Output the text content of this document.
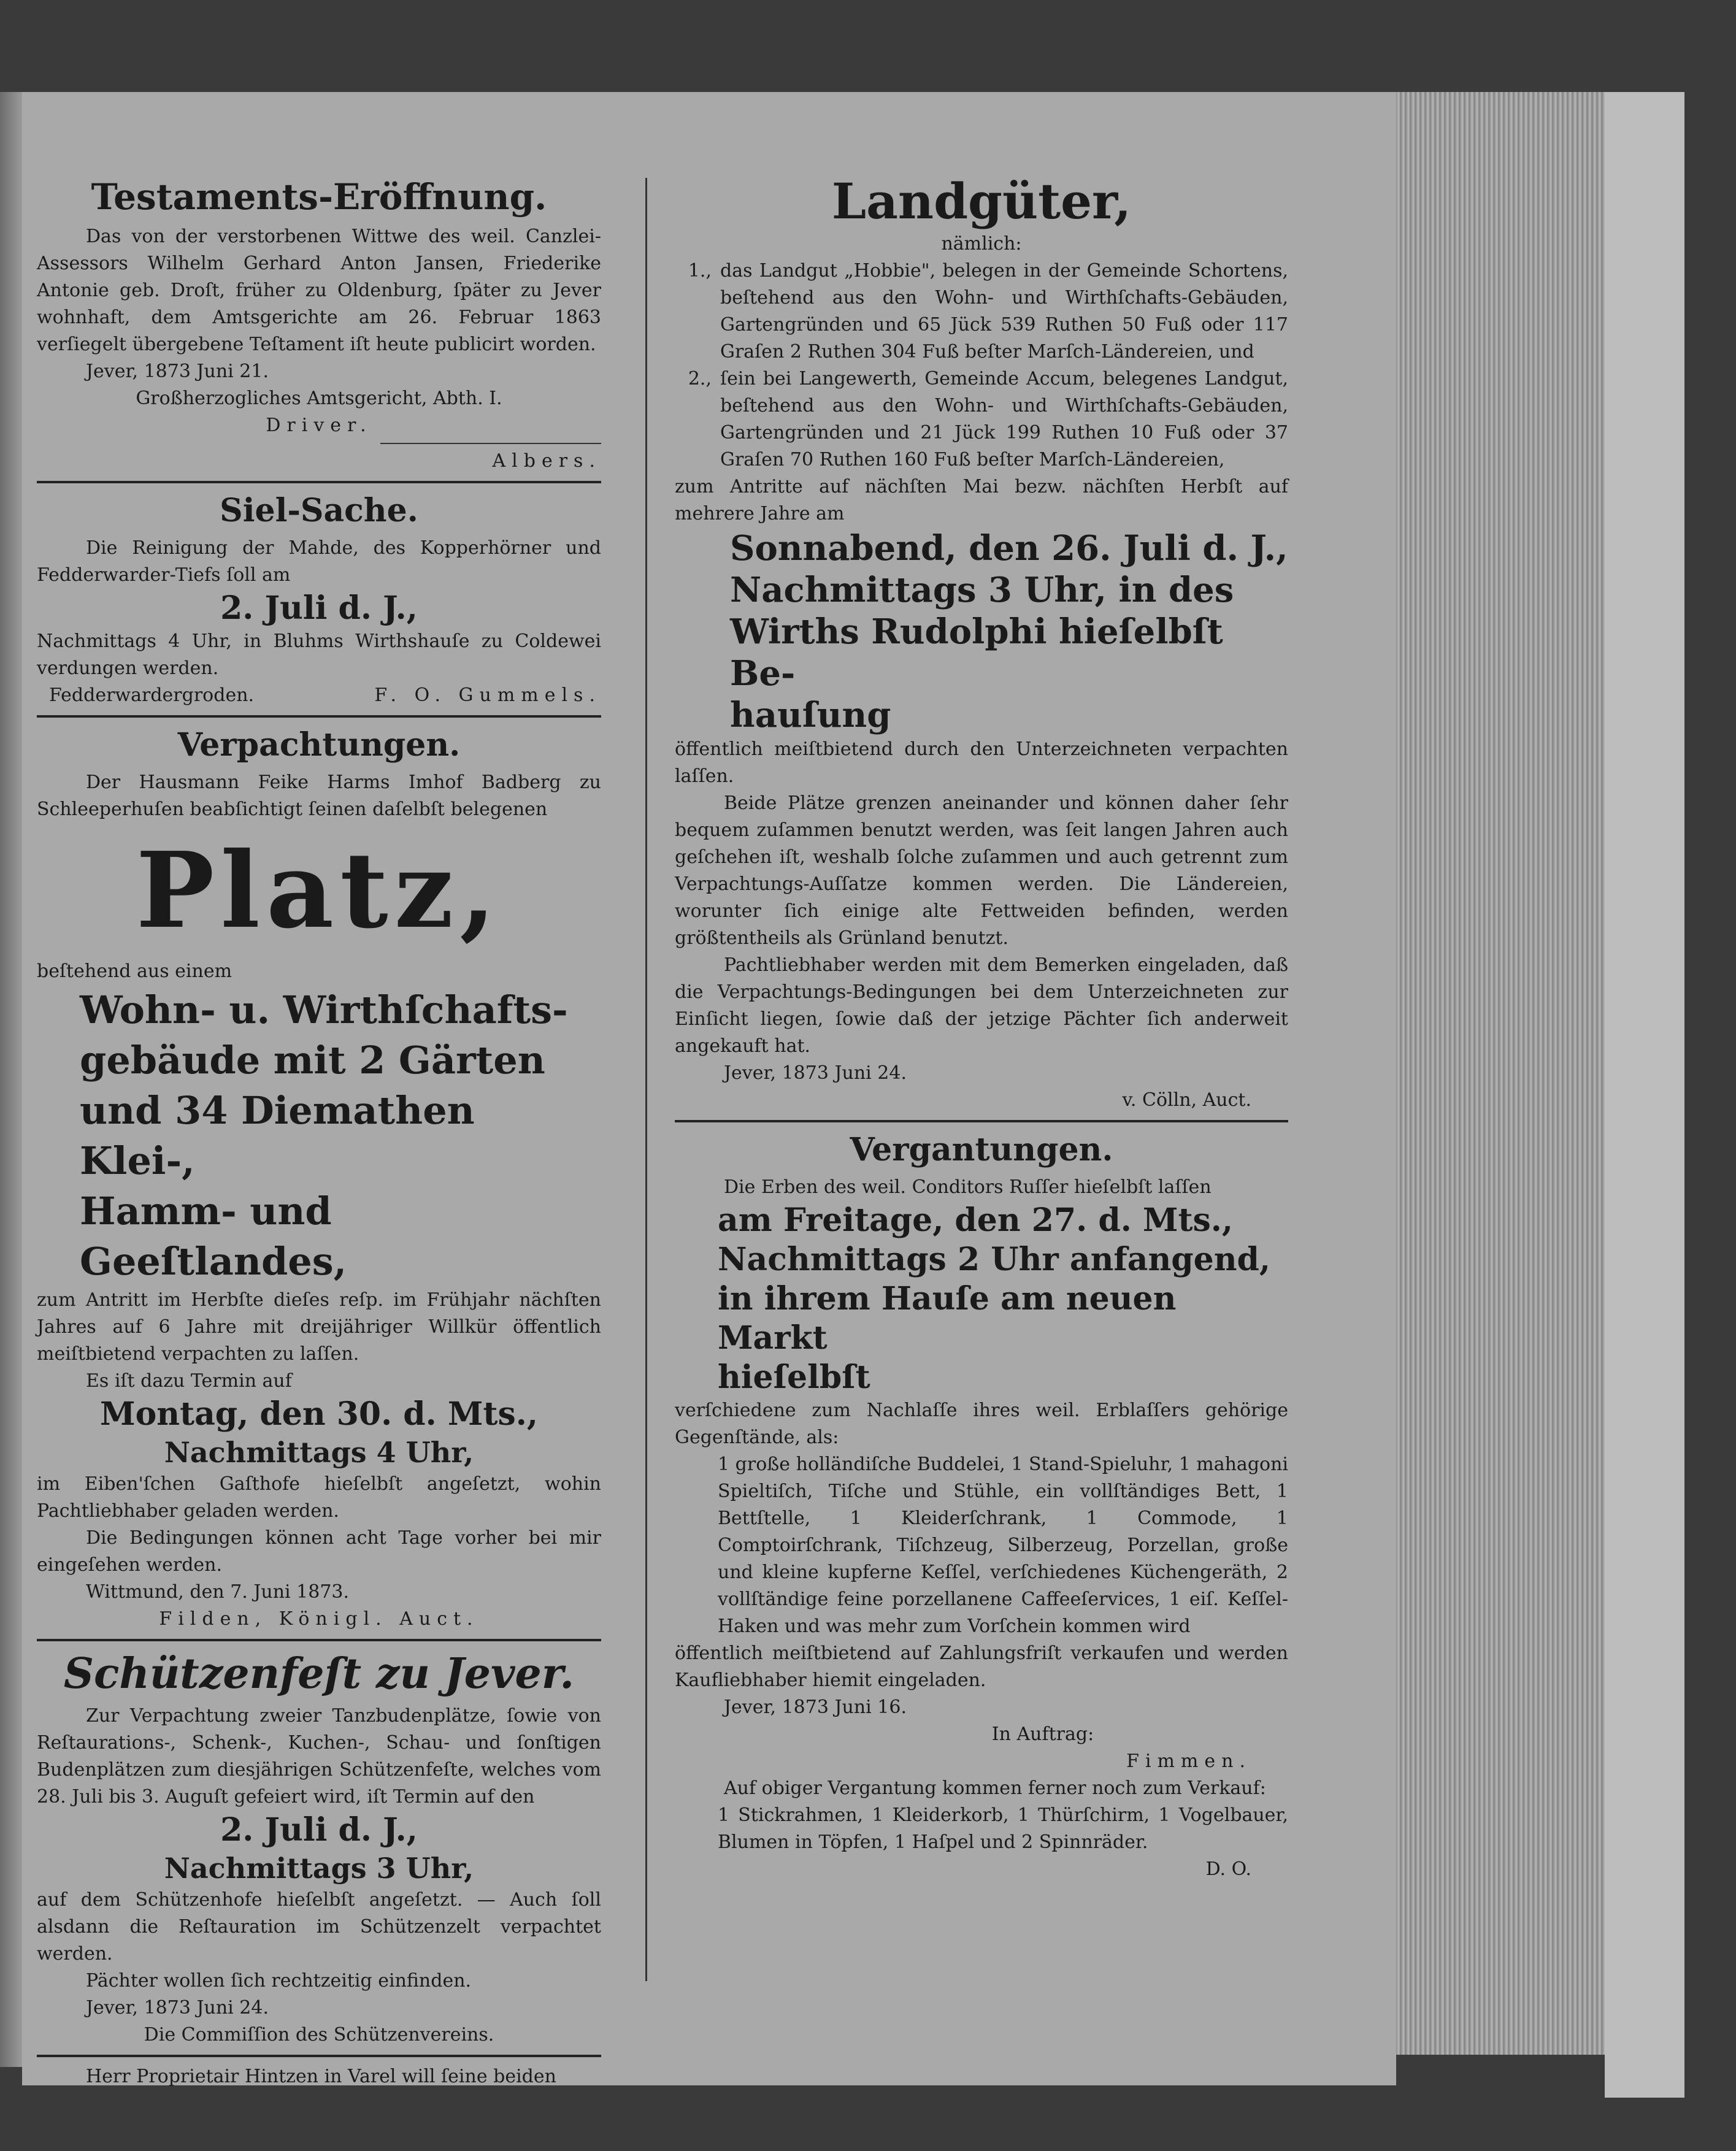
Testaments-Eröffnung.

Das von der verstorbenen Wittwe des weil. Canzlei-Assessors Wilhelm Gerhard Anton Jansen, Friederike Antonie geb. Droſt, früher zu Oldenburg, ſpäter zu Jever wohnhaft, dem Amtsgerichte am 26. Februar 1863 verſiegelt übergebene Teſtament iſt heute publicirt worden.

Jever, 1873 Juni 21.

Großherzogliches Amtsgericht, Abth. I.

Driver.

Albers.

Siel-Sache.

Die Reinigung der Mahde, des Kopperhörner und Fedderwarder-Tiefs ſoll am

2. Juli d. J.,

Nachmittags 4 Uhr, in Bluhms Wirthshauſe zu Coldewei verdungen werden.

Fedderwardergroden.	F. O. Gummels.

Verpachtungen.

Der Hausmann Feike Harms Imhof Badberg zu Schleeperhuſen beabſichtigt ſeinen daſelbſt belegenen

Platz,

beſtehend aus einem

Wohn- u. Wirthſchafts-

gebäude mit 2 Gärten

und 34 Diemathen Klei-,

Hamm- und Geeſtlandes,

zum Antritt im Herbſte dieſes reſp. im Frühjahr nächſten Jahres auf 6 Jahre mit dreijähriger Willkür öffentlich meiſtbietend verpachten zu laſſen.

Es iſt dazu Termin auf

Montag, den 30. d. Mts.,

Nachmittags 4 Uhr,

im Eiben'ſchen Gaſthofe hieſelbſt angeſetzt, wohin Pachtliebhaber geladen werden.

Die Bedingungen können acht Tage vorher bei mir eingeſehen werden.

Wittmund, den 7. Juni 1873.

Filden, Königl. Auct.

Schützenfeſt zu Jever.

Zur Verpachtung zweier Tanzbudenplätze, ſowie von Reſtaurations-, Schenk-, Kuchen-, Schau- und ſonſtigen Budenplätzen zum diesjährigen Schützenfeſte, welches vom 28. Juli bis 3. Auguſt gefeiert wird, iſt Termin auf den

2. Juli d. J.,

Nachmittags 3 Uhr,

auf dem Schützenhofe hieſelbſt angeſetzt. — Auch ſoll alsdann die Reſtauration im Schützenzelt verpachtet werden.

Pächter wollen ſich rechtzeitig einfinden.

Jever, 1873 Juni 24.

Die Commiſſion des Schützenvereins.

Herr Proprietair Hintzen in Varel will ſeine beiden

Landgüter,

nämlich:

1., das Landgut „Hobbie", belegen in der Gemeinde Schortens, beſtehend aus den Wohn- und Wirthſchafts-Gebäuden, Gartengründen und 65 Jück 539 Ruthen 50 Fuß oder 117 Graſen 2 Ruthen 304 Fuß beſter Marſch-Ländereien, und
2., ſein bei Langewerth, Gemeinde Accum, belegenes Landgut, beſtehend aus den Wohn- und Wirthſchafts-Gebäuden, Gartengründen und 21 Jück 199 Ruthen 10 Fuß oder 37 Graſen 70 Ruthen 160 Fuß beſter Marſch-Ländereien,

zum Antritte auf nächſten Mai bezw. nächſten Herbſt auf mehrere Jahre am

Sonnabend, den 26. Juli d. J.,

Nachmittags 3 Uhr, in des

Wirths Rudolphi hieſelbſt Be-

hauſung

öffentlich meiſtbietend durch den Unterzeichneten verpachten laſſen.

Beide Plätze grenzen aneinander und können daher ſehr bequem zuſammen benutzt werden, was ſeit langen Jahren auch geſchehen iſt, weshalb ſolche zuſammen und auch getrennt zum Verpachtungs-Auſſatze kommen werden. Die Ländereien, worunter ſich einige alte Fettweiden befinden, werden größtentheils als Grünland benutzt.

Pachtliebhaber werden mit dem Bemerken eingeladen, daß die Verpachtungs-Bedingungen bei dem Unterzeichneten zur Einſicht liegen, ſowie daß der jetzige Pächter ſich anderweit angekauft hat.

Jever, 1873 Juni 24.

v. Cölln, Auct.

Vergantungen.

Die Erben des weil. Conditors Ruſſer hieſelbſt laſſen

am Freitage, den 27. d. Mts.,

Nachmittags 2 Uhr anfangend,

in ihrem Hauſe am neuen Markt

hieſelbſt

verſchiedene zum Nachlaſſe ihres weil. Erblaſſers gehörige Gegenſtände, als:

1 große holländiſche Buddelei, 1 Stand-Spieluhr, 1 mahagoni Spieltiſch, Tiſche und Stühle, ein vollſtändiges Bett, 1 Bettſtelle, 1 Kleiderſchrank, 1 Commode, 1 Comptoirſchrank, Tiſchzeug, Silberzeug, Porzellan, große und kleine kupferne Keſſel, verſchiedenes Küchengeräth, 2 vollſtändige feine porzellanene Caffeeſervices, 1 eiſ. Keſſel-Haken und was mehr zum Vorſchein kommen wird

öffentlich meiſtbietend auf Zahlungsfriſt verkaufen und werden Kaufliebhaber hiemit eingeladen.

Jever, 1873 Juni 16.

In Auftrag:

Fimmen.

Auf obiger Vergantung kommen ferner noch zum Verkauf:

1 Stickrahmen, 1 Kleiderkorb, 1 Thürſchirm, 1 Vogelbauer, Blumen in Töpfen, 1 Haſpel und 2 Spinnräder.

D. O.
